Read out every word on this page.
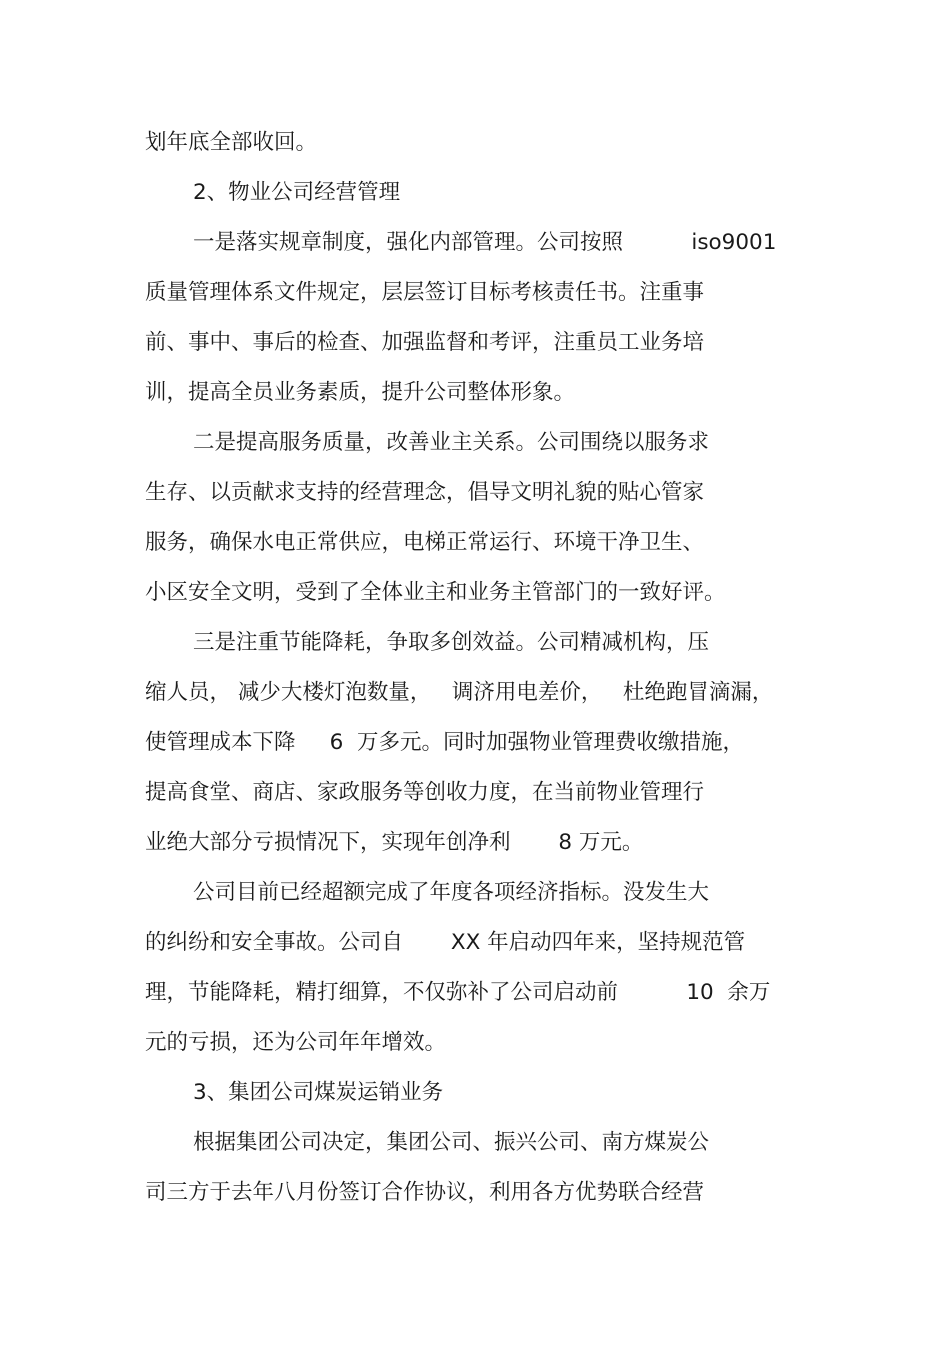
划年底全部收回。
2、物业公司经营管理
一是落实规章制度，强化内部管理。公司按照          iso9001
质量管理体系文件规定，层层签订目标考核责任书。注重事
前、事中、事后的检查、加强监督和考评，注重员工业务培
训，提高全员业务素质，提升公司整体形象。
二是提高服务质量，改善业主关系。公司围绕以服务求
生存、以贡献求支持的经营理念，倡导文明礼貌的贴心管家
服务，确保水电正常供应，电梯正常运行、环境干净卫生、
小区安全文明，受到了全体业主和业务主管部门的一致好评。
三是注重节能降耗，争取多创效益。公司精减机构，压
缩人员， 减少大楼灯泡数量，   调济用电差价，   杜绝跑冒滴漏，
使管理成本下降     6  万多元。同时加强物业管理费收缴措施，
提高食堂、商店、家政服务等创收力度，在当前物业管理行
业绝大部分亏损情况下，实现年创净利       8 万元。
公司目前已经超额完成了年度各项经济指标。没发生大
的纠纷和安全事故。公司自       XX 年启动四年来，坚持规范管
理，节能降耗，精打细算，不仅弥补了公司启动前          10  余万
元的亏损，还为公司年年增效。
3、集团公司煤炭运销业务
根据集团公司决定，集团公司、振兴公司、南方煤炭公
司三方于去年八月份签订合作协议，利用各方优势联合经营
